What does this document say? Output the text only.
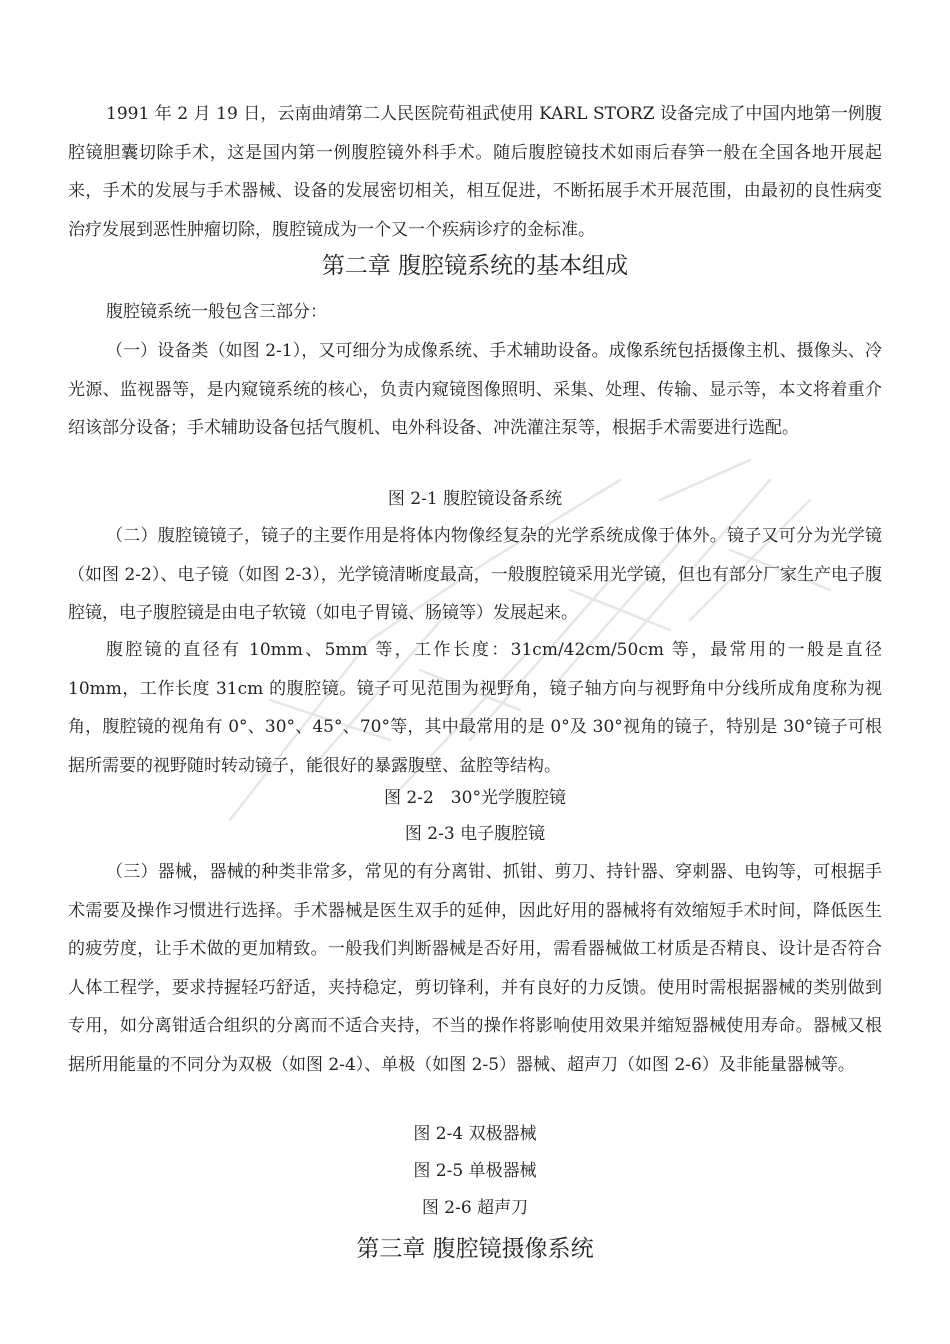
1991 年 2 月 19 日，云南曲靖第二人民医院荀祖武使用 KARL STORZ 设备完成了中国内地第一例腹腔镜胆囊切除手术，这是国内第一例腹腔镜外科手术。随后腹腔镜技术如雨后春笋一般在全国各地开展起来，手术的发展与手术器械、设备的发展密切相关，相互促进，不断拓展手术开展范围，由最初的良性病变治疗发展到恶性肿瘤切除，腹腔镜成为一个又一个疾病诊疗的金标准。

第二章 腹腔镜系统的基本组成

腹腔镜系统一般包含三部分：

（一）设备类（如图 2-1），又可细分为成像系统、手术辅助设备。成像系统包括摄像主机、摄像头、冷光源、监视器等，是内窥镜系统的核心，负责内窥镜图像照明、采集、处理、传输、显示等，本文将着重介绍该部分设备；手术辅助设备包括气腹机、电外科设备、冲洗灌注泵等，根据手术需要进行选配。

图 2-1 腹腔镜设备系统

（二）腹腔镜镜子，镜子的主要作用是将体内物像经复杂的光学系统成像于体外。镜子又可分为光学镜（如图 2-2）、电子镜（如图 2-3），光学镜清晰度最高，一般腹腔镜采用光学镜，但也有部分厂家生产电子腹腔镜，电子腹腔镜是由电子软镜（如电子胃镜、肠镜等）发展起来。

腹腔镜的直径有 10mm、5mm 等，工作长度：31cm/42cm/50cm 等，最常用的一般是直径 10mm，工作长度 31cm 的腹腔镜。镜子可见范围为视野角，镜子轴方向与视野角中分线所成角度称为视角，腹腔镜的视角有 0°、30°、45°、70°等，其中最常用的是 0°及 30°视角的镜子，特别是 30°镜子可根据所需要的视野随时转动镜子，能很好的暴露腹壁、盆腔等结构。

图 2-2　30°光学腹腔镜
图 2-3 电子腹腔镜

（三）器械，器械的种类非常多，常见的有分离钳、抓钳、剪刀、持针器、穿刺器、电钩等，可根据手术需要及操作习惯进行选择。手术器械是医生双手的延伸，因此好用的器械将有效缩短手术时间，降低医生的疲劳度，让手术做的更加精致。一般我们判断器械是否好用，需看器械做工材质是否精良、设计是否符合人体工程学，要求持握轻巧舒适，夹持稳定，剪切锋利，并有良好的力反馈。使用时需根据器械的类别做到专用，如分离钳适合组织的分离而不适合夹持，不当的操作将影响使用效果并缩短器械使用寿命。器械又根据所用能量的不同分为双极（如图 2-4）、单极（如图 2-5）器械、超声刀（如图 2-6）及非能量器械等。

图 2-4 双极器械
图 2-5 单极器械
图 2-6 超声刀
第三章 腹腔镜摄像系统
